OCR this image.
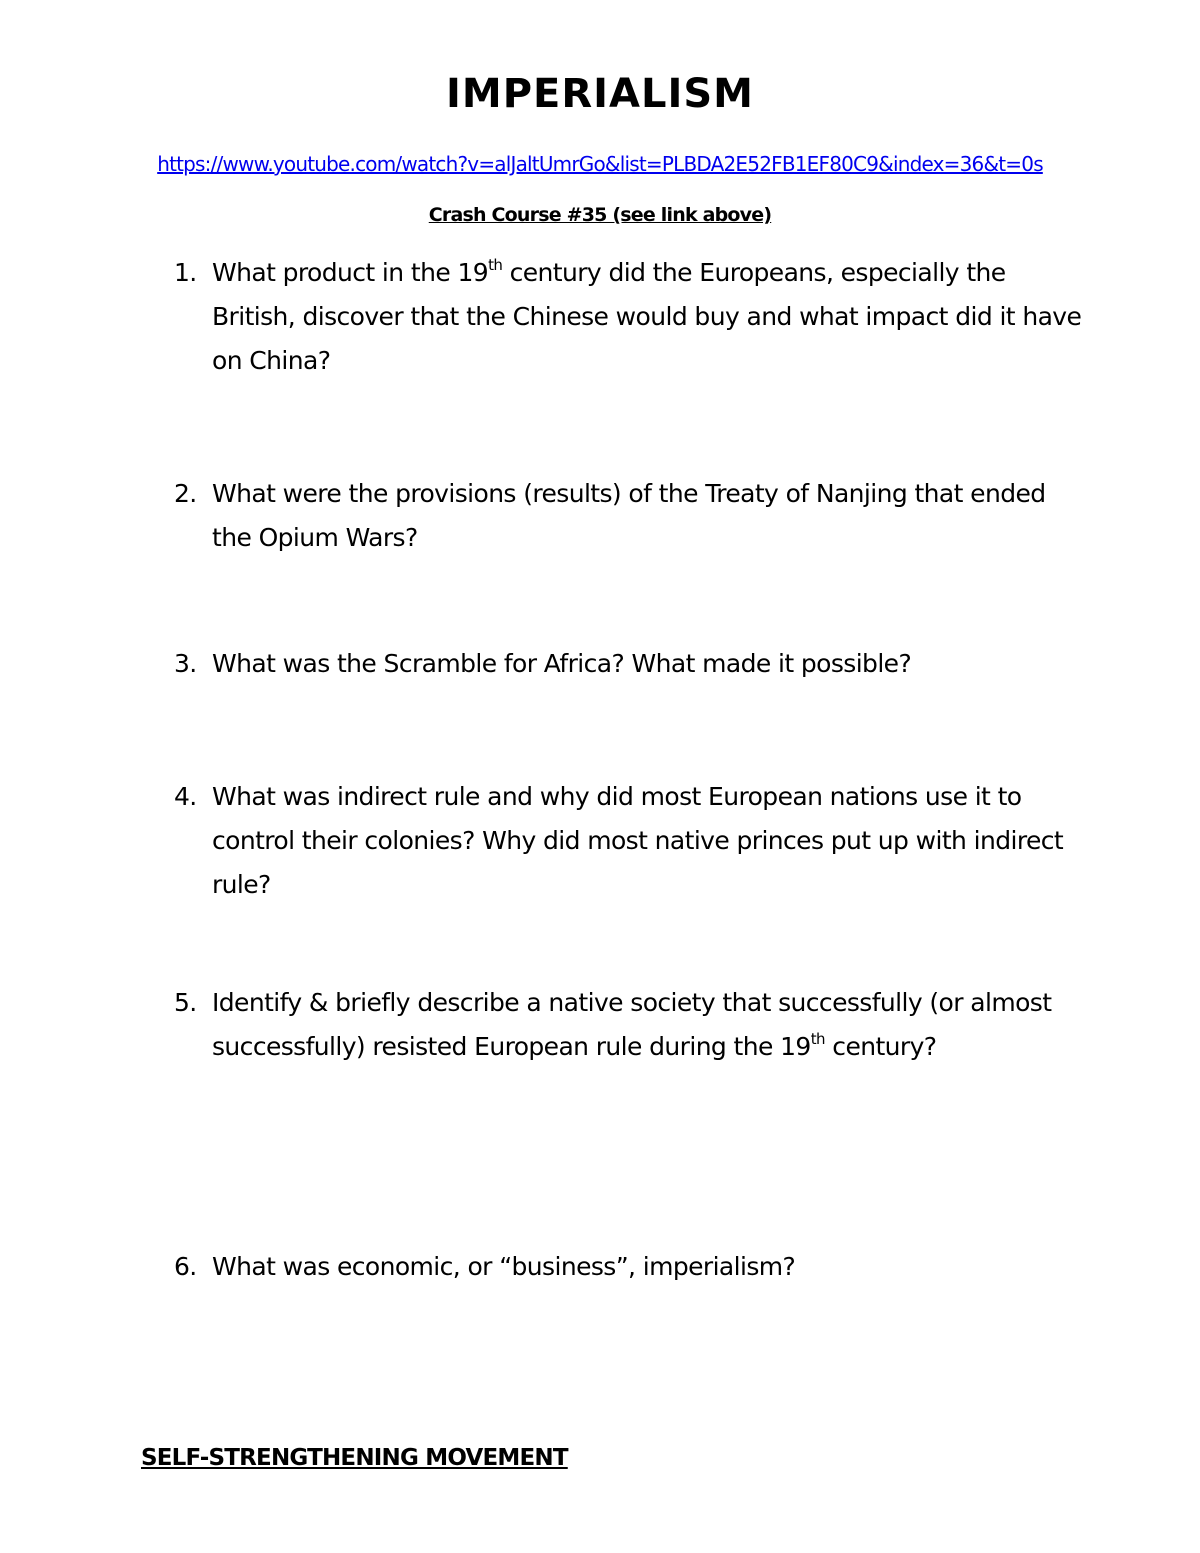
IMPERIALISM
https://www.youtube.com/watch?v=alJaltUmrGo&list=PLBDA2E52FB1EF80C9&index=36&t=0s
Crash Course #35 (see link above)
1. What product in the 19th century did the Europeans, especially the British, discover that the Chinese would buy and what impact did it have on China?
2. What were the provisions (results) of the Treaty of Nanjing that ended the Opium Wars?
3. What was the Scramble for Africa? What made it possible?
4. What was indirect rule and why did most European nations use it to control their colonies? Why did most native princes put up with indirect rule?
5. Identify & briefly describe a native society that successfully (or almost successfully) resisted European rule during the 19th century?
6. What was economic, or “business”, imperialism?
SELF-STRENGTHENING MOVEMENT
